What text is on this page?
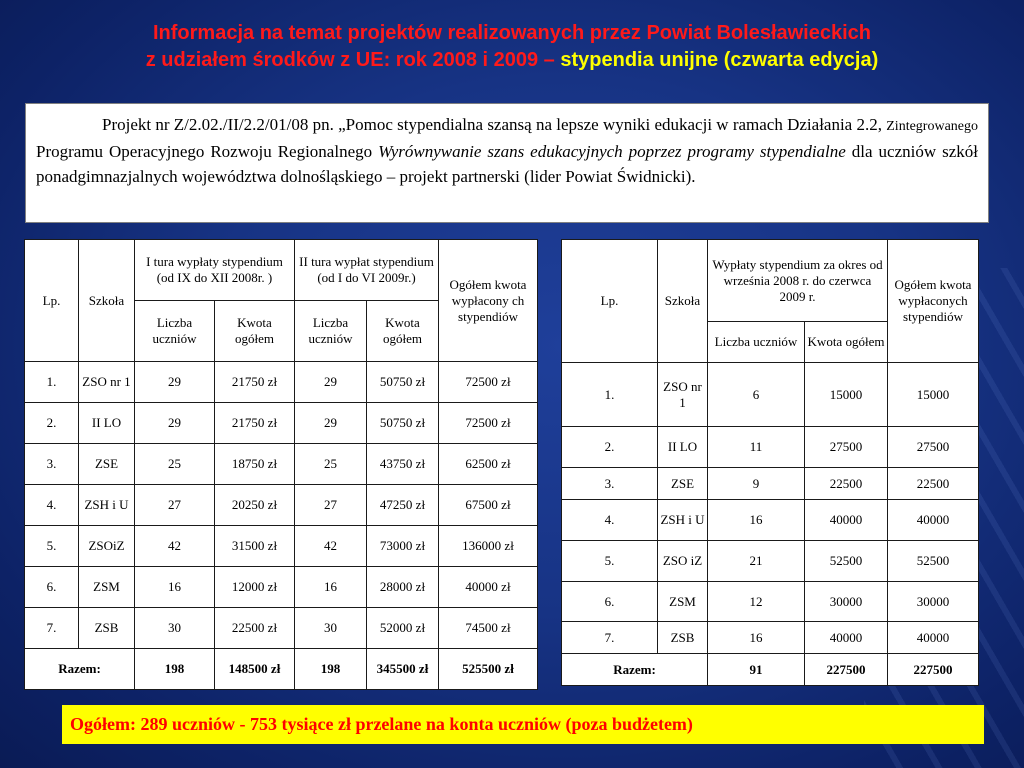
Informacja na temat projektów realizowanych przez Powiat Bolesławieckich
z udziałem środków z UE: rok 2008 i 2009 – stypendia unijne (czwarta edycja)
Projekt nr Z/2.02./II/2.2/01/08 pn. „Pomoc stypendialna szansą na lepsze wyniki edukacji w ramach Działania 2.2, Zintegrowanego Programu Operacyjnego Rozwoju Regionalnego Wyrównywanie szans edukacyjnych poprzez programy stypendialne dla uczniów szkół ponadgimnazjalnych województwa dolnośląskiego – projekt partnerski (lider Powiat Świdnicki).
Lp.	Szkoła	I tura wypłaty stypendium (od IX do XII 2008r. )		II tura wypłat stypendium (od I do VI 2009r.)		Ogółem kwota wypłacony ch stypendiów
		Liczba uczniów	Kwota ogółem	Liczba uczniów	Kwota ogółem	
1.	ZSO nr 1	29	21750 zł	29	50750 zł	72500 zł
2.	II LO	29	21750 zł	29	50750 zł	72500 zł
3.	ZSE	25	18750 zł	25	43750 zł	62500 zł
4.	ZSH i U	27	20250 zł	27	47250 zł	67500 zł
5.	ZSOiZ	42	31500 zł	42	73000 zł	136000 zł
6.	ZSM	16	12000 zł	16	28000 zł	40000 zł
7.	ZSB	30	22500 zł	30	52000 zł	74500 zł
Razem:		198	148500 zł	198	345500 zł	525500 zł
Lp.	Szkoła	Wypłaty stypendium za okres od września 2008 r. do czerwca 2009 r.		Ogółem kwota wypłaconych stypendiów
		Liczba uczniów	Kwota ogółem	
1.	ZSO nr 1	6	15000	15000
2.	II LO	11	27500	27500
3.	ZSE	9	22500	22500
4.	ZSH i U	16	40000	40000
5.	ZSO iZ	21	52500	52500
6.	ZSM	12	30000	30000
7.	ZSB	16	40000	40000
Razem:		91	227500	227500
Ogółem: 289 uczniów - 753 tysiące zł przelane na konta uczniów (poza budżetem)
